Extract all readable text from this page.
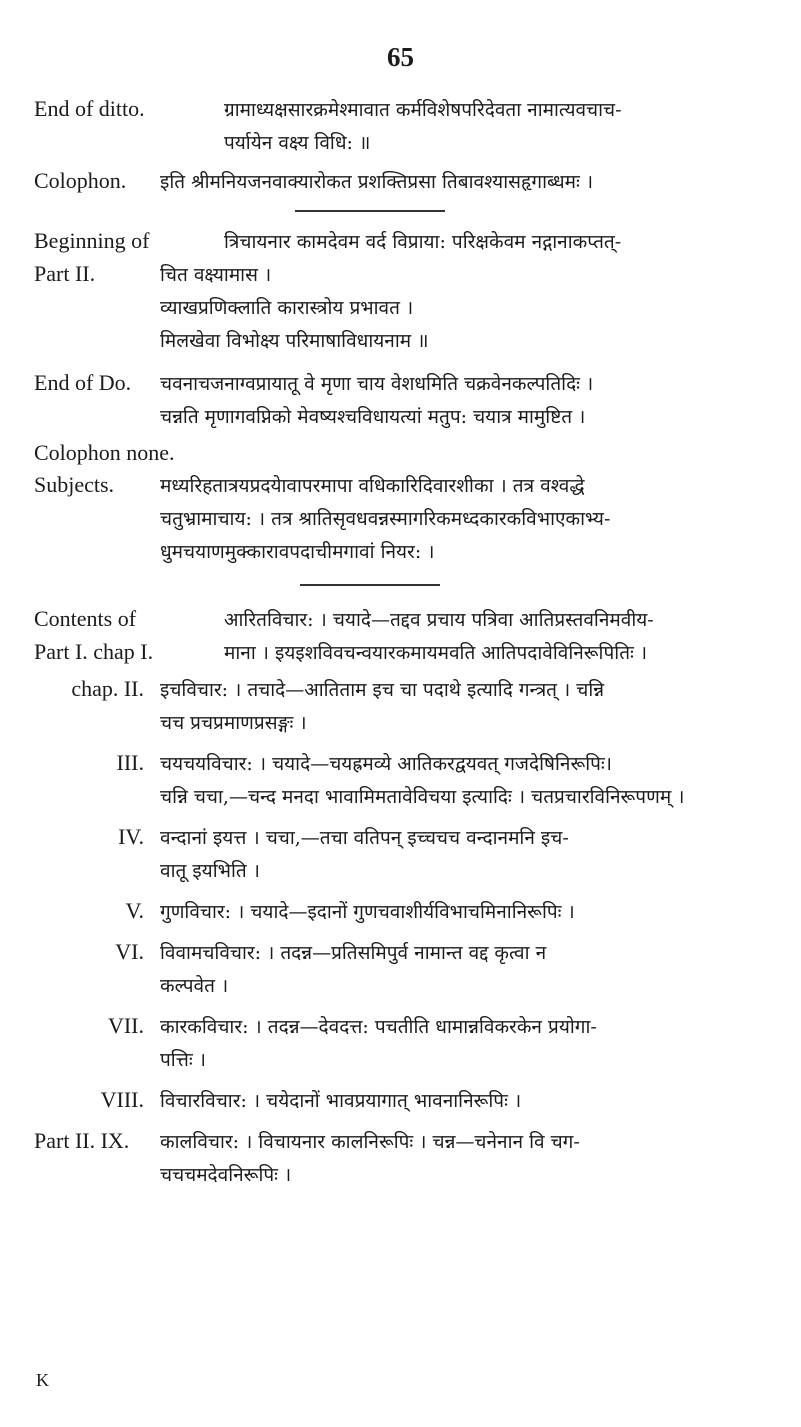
65
End of ditto.	ग्रामाध्यक्षसारक्रमेश्मावात कर्मविशेषपरिदेवता नामात्यवचाच-
पर्यायेन वक्ष्य विधि: ॥
Colophon.	इति श्रीमनियजनवाक्यारोकत प्रशक्तिप्रसा तिबावश्यासहृगाब्धमः ।
Beginning of	त्रिचायनार कामदेवम वर्द विप्राया: परिक्षकेवम नद्गानाकप्तत्-
Part II.	चित वक्ष्यामास ।
व्याखप्रणिक्लाति कारास्त्रोय प्रभावत ।
मिलखेवा विभोक्ष्य परिमाषाविधायनाम ॥
End of Do.	चवनाचजनाग्वप्रायातू वे मृणा चाय वेशधमिति चक्रवेनकल्पतिदिः ।
चन्नति मृणागवप्निको मेवष्यश्चविधायत्यां मतुप: चयात्र मामुष्टित ।
Colophon none.
Subjects.	मध्यरिहतात्रयप्रदयेावापरमापा वधिकारिदिवारशीका । तत्र वश्वद्धे
चतुभ्रामाचाय: । तत्र श्रातिसृवधवन्नस्मागरिकमध्दकारकविभाएकाभ्य-
धुमचयाणमुक्कारावपदाचीमगावां नियर: ।
Contents of	आरितविचार: । चयादे—तद्दव प्रचाय पत्रिवा आतिप्रस्तवनिमवीय-
Part I. chap I.	माना । इयइशविवचन्वयारकमायमवति आतिपदावेविनिरूपितिः ।
chap. II. इचविचार: । तचादे—आतिताम इच चा पदाथे इत्यादि गन्त्रत् । चन्नि
चच प्रचप्रमाणप्रसङ्गः ।
III. चयचयविचार: । चयादे—चयह्रमव्ये आतिकरद्वयवत् गजदेषिनिरूपिः।
चन्नि चचा,—चन्द मनदा भावामिमतावेविचया इत्यादिः । चतप्रचारविनिरूपणम् ।
IV. वन्दानां इयत्त । चचा,—तचा वतिपन् इच्चचच वन्दानमनि इच-
वातू इयभिति ।
V. गुणविचार: । चयादे—इदानों गुणचवाशीर्यविभाचमिनानिरूपिः ।
VI. विवामचविचार: । तदन्न—प्रतिसमिपुर्व नामान्त वद्द कृत्वा न
कल्पवेत ।
VII. कारकविचार: । तदन्न—देवदत्त: पचतीति धामान्नविकरकेन प्रयोगा-
पत्तिः ।
VIII. विचारविचार: । चयेदानों भावप्रयागात् भावनानिरूपिः ।
Part II. IX.	कालविचार: । विचायनार कालनिरूपिः । चन्न—चनेनान वि चग-
चचचमदेवनिरूपिः ।
K
